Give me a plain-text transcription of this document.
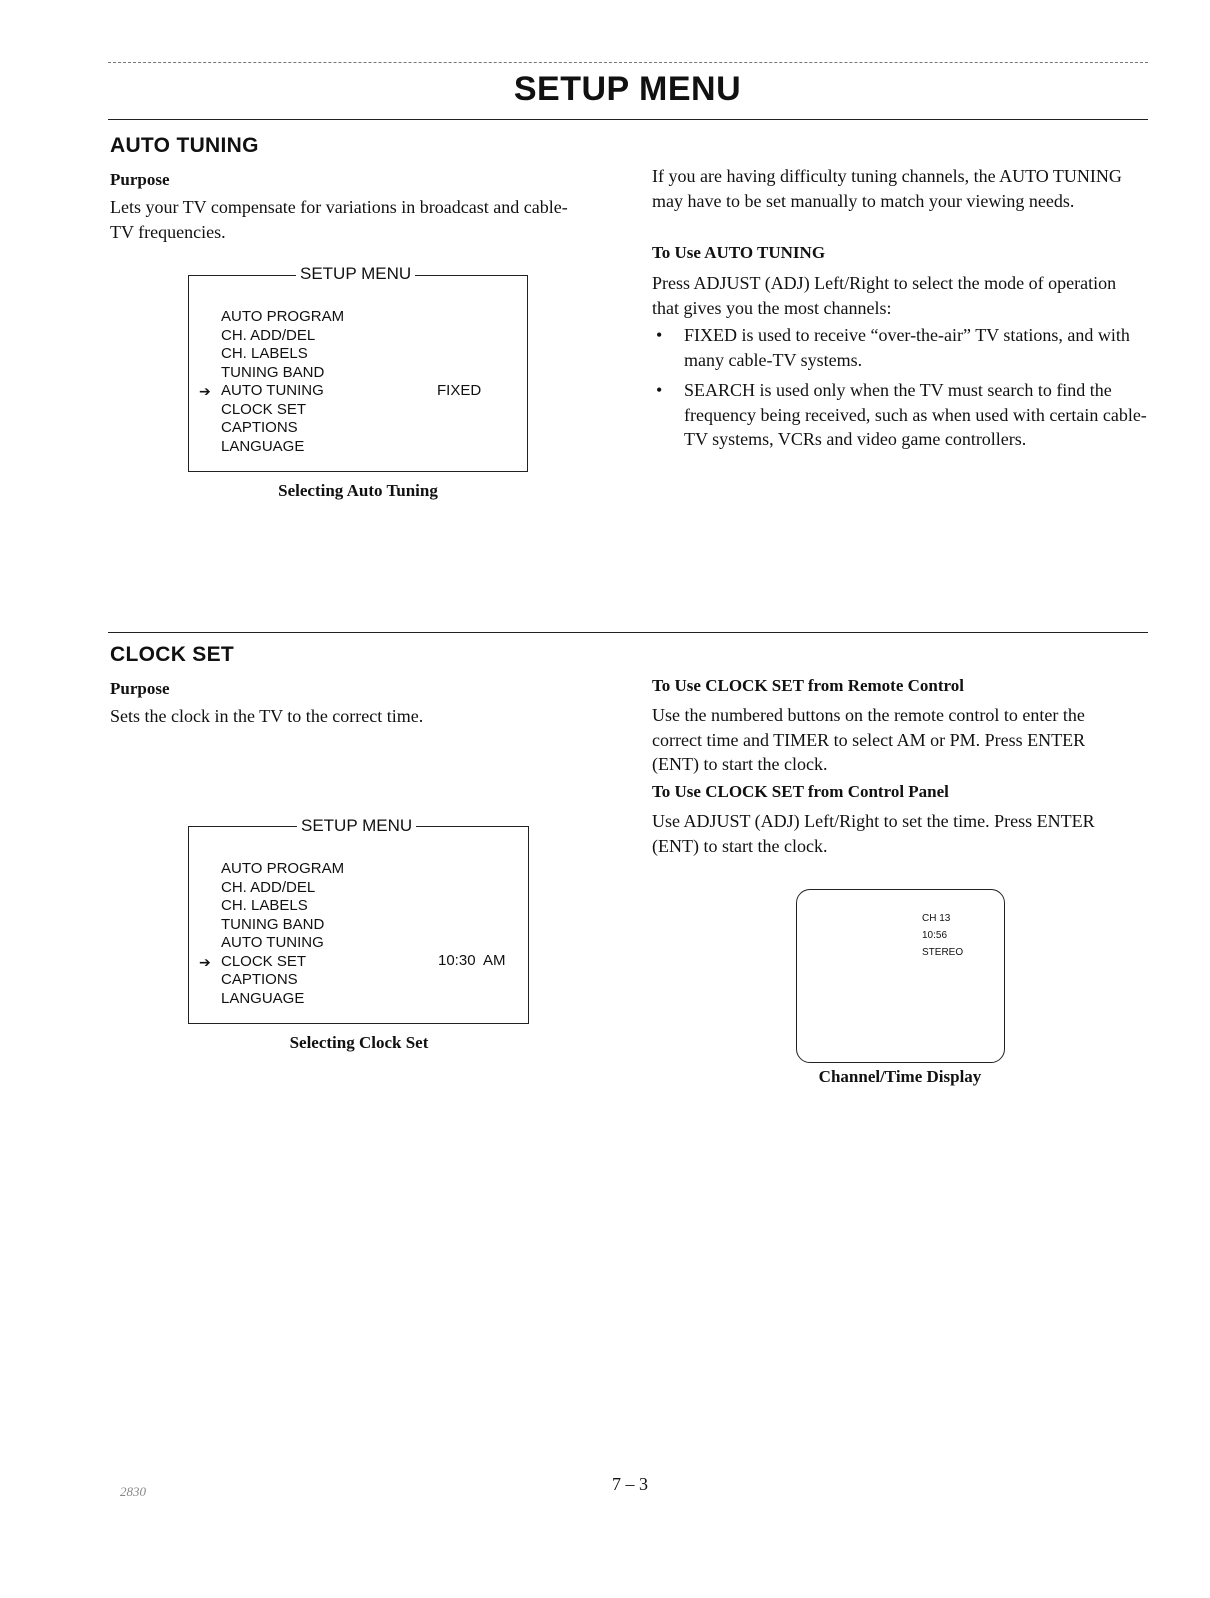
SETUP MENU
AUTO TUNING
Purpose
Lets your TV compensate for variations in broadcast and cable-TV frequencies.
SETUP MENU
AUTO PROGRAM
CH. ADD/DEL
CH. LABELS
TUNING BAND
➔ AUTO TUNING
CLOCK SET
CAPTIONS
LANGUAGE
FIXED
Selecting Auto Tuning
If you are having difficulty tuning channels, the AUTO TUNING may have to be set manually to match your viewing needs.
To Use AUTO TUNING
Press ADJUST (ADJ) Left/Right to select the mode of operation that gives you the most channels:
• FIXED is used to receive “over-the-air” TV stations, and with many cable-TV systems.
• SEARCH is used only when the TV must search to find the frequency being received, such as when used with certain cable-TV systems, VCRs and video game controllers.
CLOCK SET
Purpose
Sets the clock in the TV to the correct time.
SETUP MENU
AUTO PROGRAM
CH. ADD/DEL
CH. LABELS
TUNING BAND
AUTO TUNING
➔ CLOCK SET
CAPTIONS
LANGUAGE
10:30  AM
Selecting Clock Set
To Use CLOCK SET from Remote Control
Use the numbered buttons on the remote control to enter the correct time and TIMER to select AM or PM. Press ENTER (ENT) to start the clock.
To Use CLOCK SET from Control Panel
Use ADJUST (ADJ) Left/Right to set the time. Press ENTER (ENT) to start the clock.
CH 13
10:56
STEREO
Channel/Time Display
2830	7 – 3
